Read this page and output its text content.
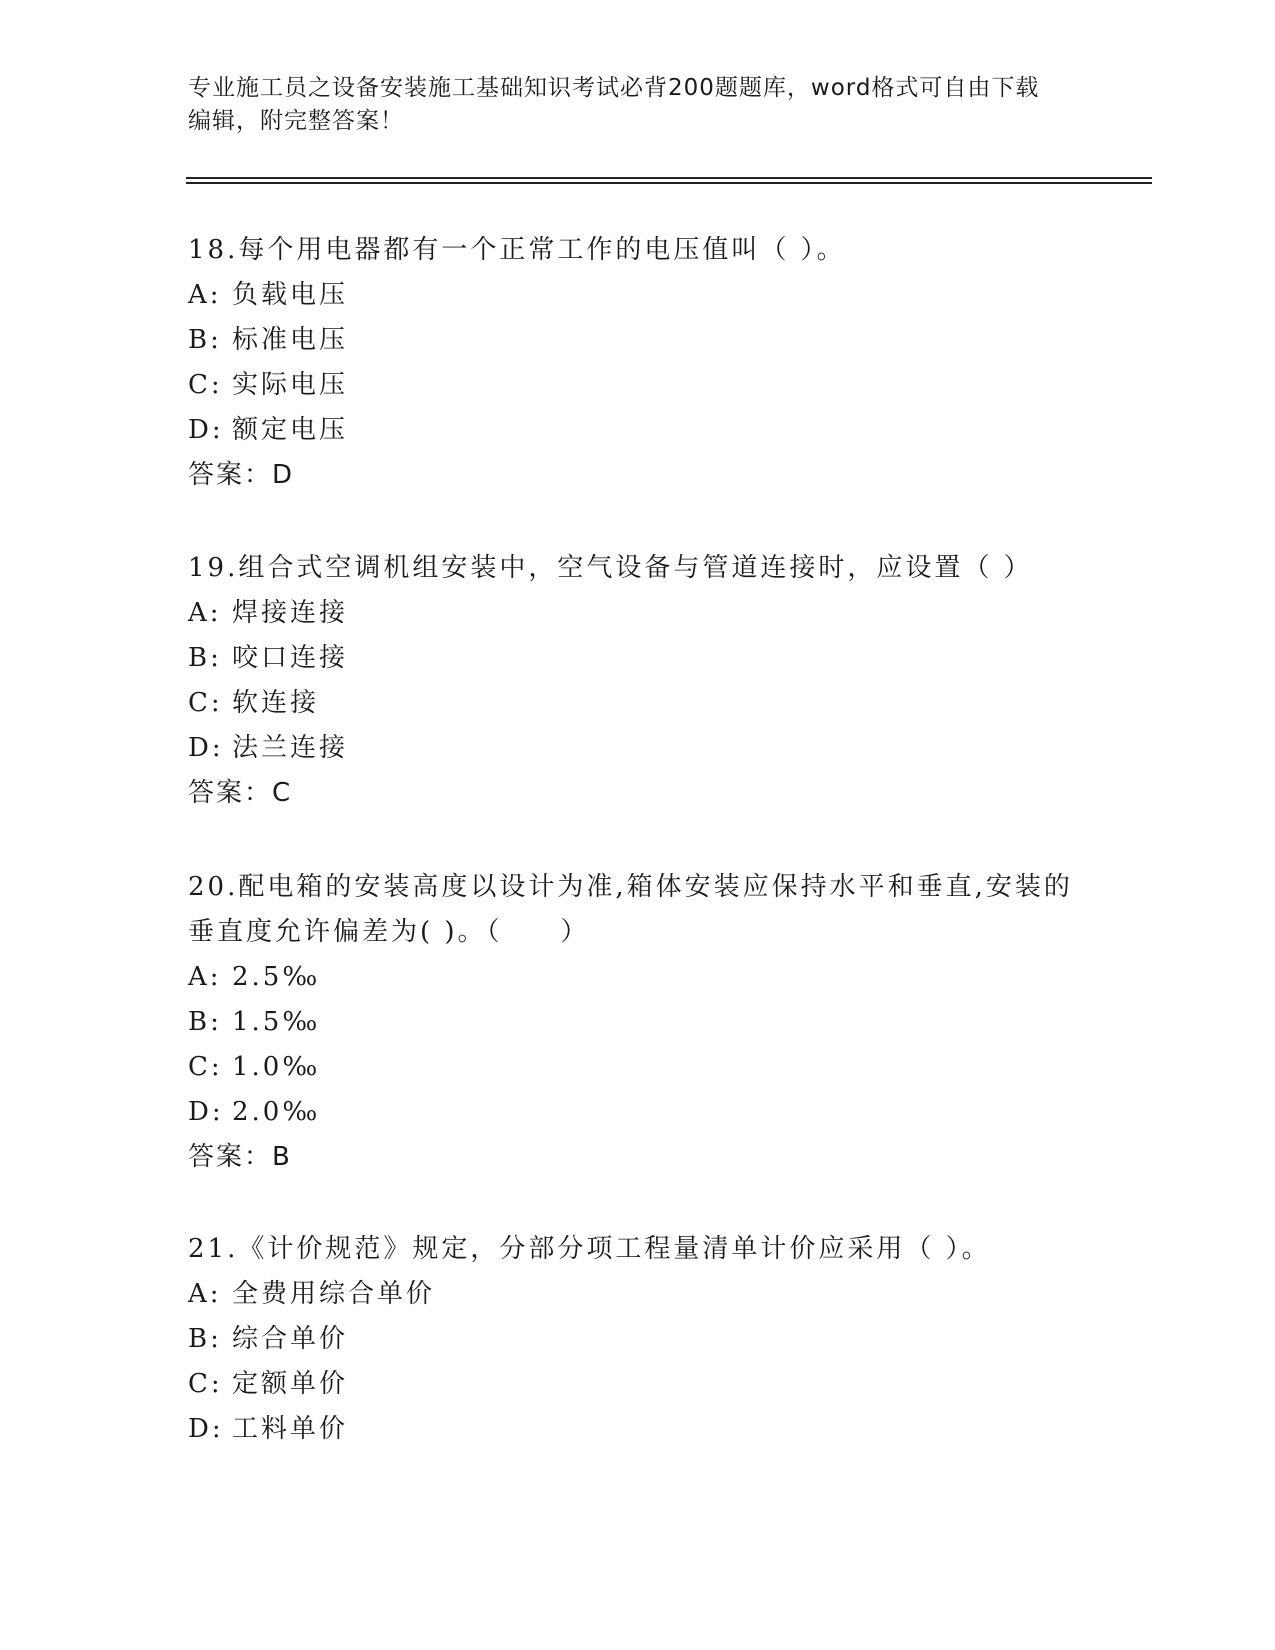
专业施工员之设备安装施工基础知识考试必背200题题库，word格式可自由下载
编辑，附完整答案！
18.每个用电器都有一个正常工作的电压值叫（ ）。
A: 负载电压
B: 标准电压
C: 实际电压
D: 额定电压
答案：D
19.组合式空调机组安装中，空气设备与管道连接时，应设置（ ）
A: 焊接连接
B: 咬口连接
C: 软连接
D: 法兰连接
答案：C
20.配电箱的安装高度以设计为准,箱体安装应保持水平和垂直,安装的
垂直度允许偏差为( )。（　　）
A: 2.5‰
B: 1.5‰
C: 1.0‰
D: 2.0‰
答案：B
21.《计价规范》规定，分部分项工程量清单计价应采用（ ）。
A: 全费用综合单价
B: 综合单价
C: 定额单价
D: 工料单价
